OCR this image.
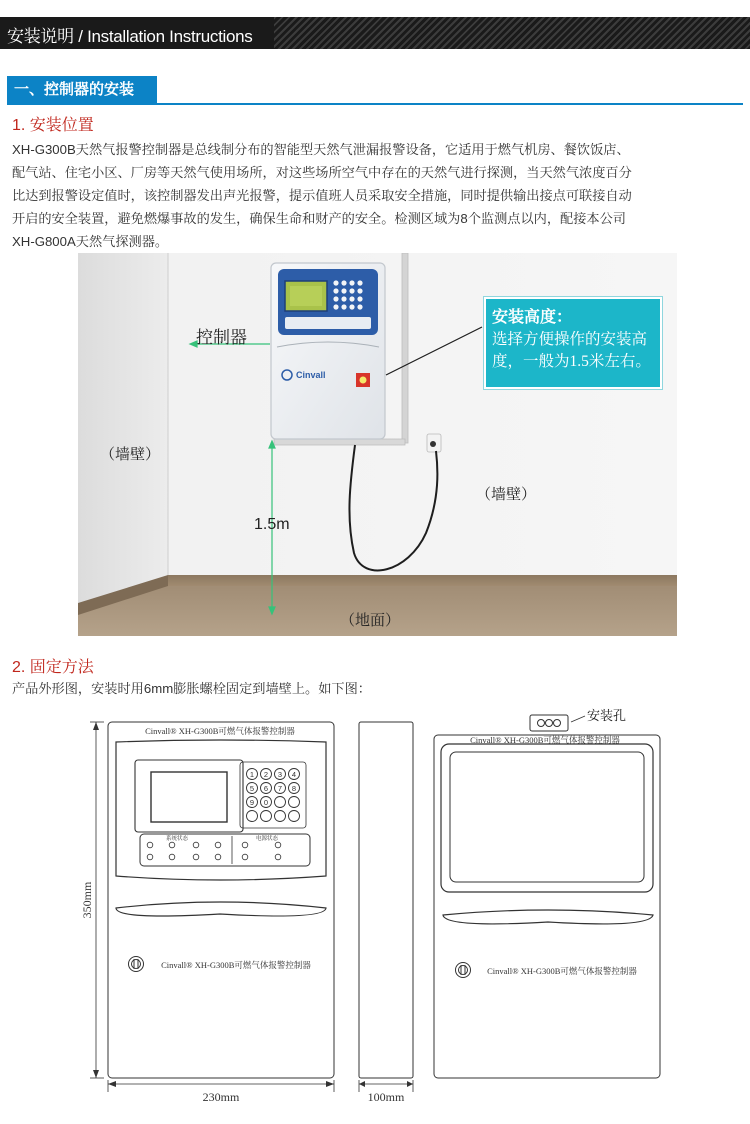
安装说明 / Installation Instructions
一、控制器的安装
1. 安装位置
XH-G300B天然气报警控制器是总线制分布的智能型天然气泄漏报警设备，它适用于燃气机房、餐饮饭店、
配气站、住宅小区、厂房等天然气使用场所，对这些场所空气中存在的天然气进行探测，当天然气浓度百分
比达到报警设定值时，该控制器发出声光报警，提示值班人员采取安全措施，同时提供输出接点可联接自动
开启的安全装置，避免燃爆事故的发生，确保生命和财产的安全。检测区域为8个监测点以内，配接本公司
XH-G800A天然气探测器。
Cinvall
控制器
（墙壁）
（墙壁）
（地面）
1.5m
安装高度：
选择方便操作的安装高
度，一般为1.5米左右。
2. 固定方法
产品外形图，安装时用6mm膨胀螺栓固定到墙壁上。如下图：
1 2 3 4
5 6 7 8
9 0
系统状态	电源状态
Cinvall® XH-G300B可燃气体报警控制器
Cinvall® XH-G300B可燃气体报警控制器
Cinvall® XH-G300B可燃气体报警控制器
Cinvall® XH-G300B可燃气体报警控制器
350mm
230mm	100mm
安装孔
